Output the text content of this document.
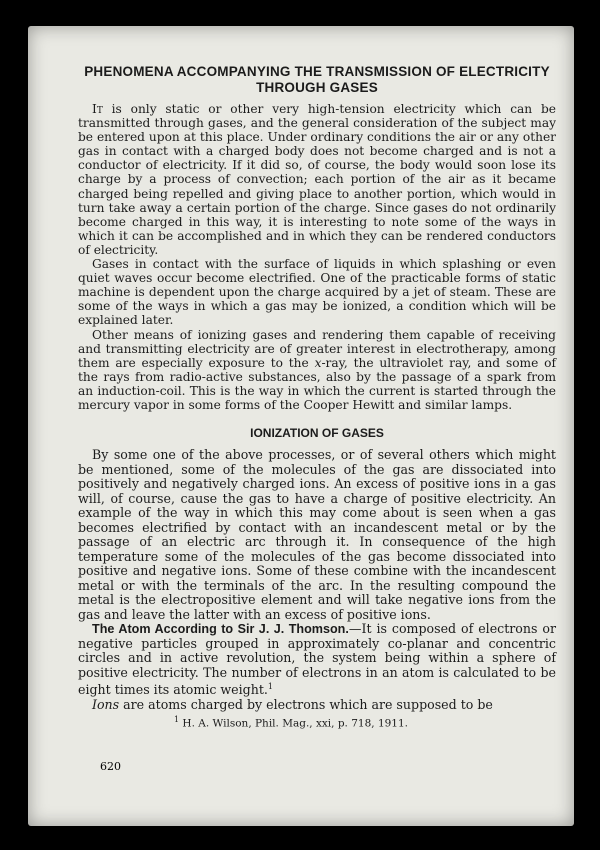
PHENOMENA ACCOMPANYING THE TRANSMISSION OF ELECTRICITY THROUGH GASES

It is only static or other very high-tension electricity which can be transmitted through gases, and the general consideration of the subject may be entered upon at this place. Under ordinary conditions the air or any other gas in contact with a charged body does not become charged and is not a conductor of electricity. If it did so, of course, the body would soon lose its charge by a process of convection; each portion of the air as it became charged being repelled and giving place to another portion, which would in turn take away a certain portion of the charge. Since gases do not ordinarily become charged in this way, it is interesting to note some of the ways in which it can be accomplished and in which they can be rendered conductors of electricity.

Gases in contact with the surface of liquids in which splashing or even quiet waves occur become electrified. One of the practicable forms of static machine is dependent upon the charge acquired by a jet of steam. These are some of the ways in which a gas may be ionized, a condition which will be explained later.

Other means of ionizing gases and rendering them capable of receiving and transmitting electricity are of greater interest in electrotherapy, among them are especially exposure to the x-ray, the ultraviolet ray, and some of the rays from radio-active substances, also by the passage of a spark from an induction-coil. This is the way in which the current is started through the mercury vapor in some forms of the Cooper Hewitt and similar lamps.

IONIZATION OF GASES

By some one of the above processes, or of several others which might be mentioned, some of the molecules of the gas are dissociated into positively and negatively charged ions. An excess of positive ions in a gas will, of course, cause the gas to have a charge of positive electricity. An example of the way in which this may come about is seen when a gas becomes electrified by contact with an incandescent metal or by the passage of an electric arc through it. In consequence of the high temperature some of the molecules of the gas become dissociated into positive and negative ions. Some of these combine with the incandescent metal or with the terminals of the arc. In the resulting compound the metal is the electropositive element and will take negative ions from the gas and leave the latter with an excess of positive ions.

The Atom According to Sir J. J. Thomson.—It is composed of electrons or negative particles grouped in approximately co-planar and concentric circles and in active revolution, the system being within a sphere of positive electricity. The number of electrons in an atom is calculated to be eight times its atomic weight.$^1$

Ions are atoms charged by electrons which are supposed to be

$^1$ H. A. Wilson, Phil. Mag., xxi, p. 718, 1911.
620
